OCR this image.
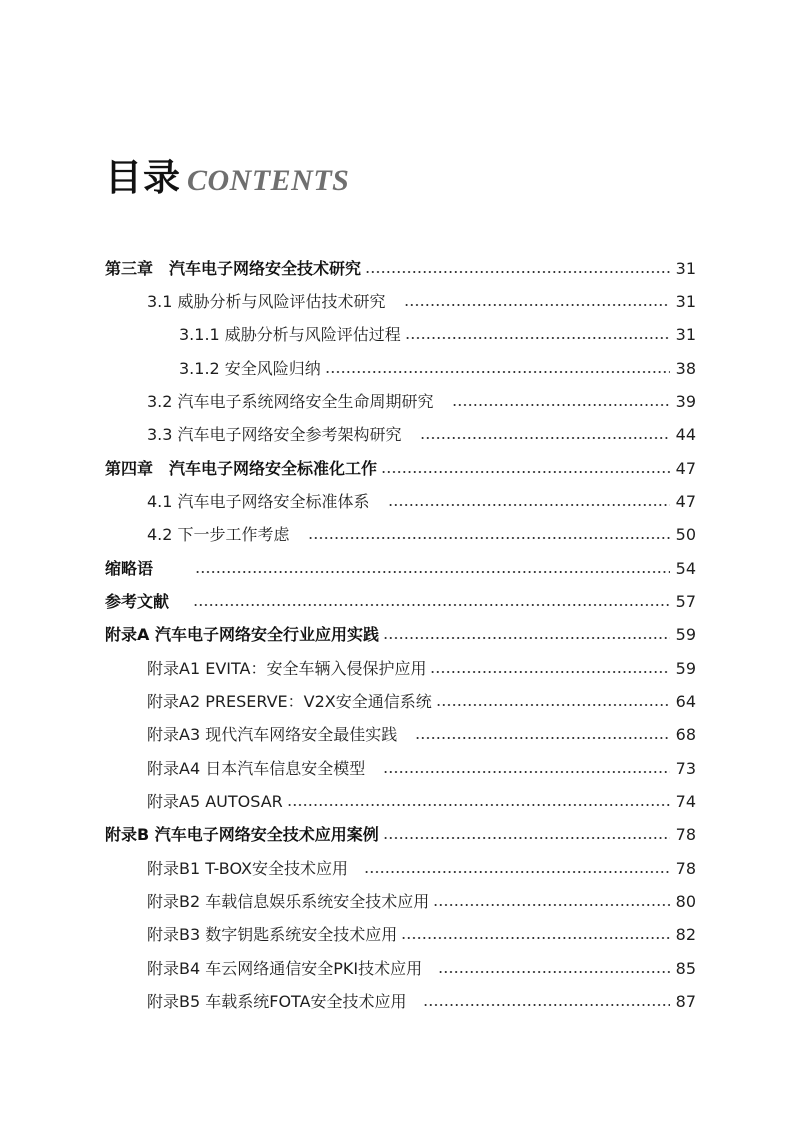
目录 CONTENTS
第三章　汽车电子网络安全技术研究	31
3.1 威胁分析与风险评估技术研究	31
3.1.1 威胁分析与风险评估过程	31
3.1.2 安全风险归纳	38
3.2 汽车电子系统网络安全生命周期研究	39
3.3 汽车电子网络安全参考架构研究	44
第四章　汽车电子网络安全标准化工作	47
4.1 汽车电子网络安全标准体系	47
4.2 下一步工作考虑	50
缩略语	54
参考文献	57
附录A 汽车电子网络安全行业应用实践	59
附录A1 EVITA：安全车辆入侵保护应用	59
附录A2 PRESERVE：V2X安全通信系统	64
附录A3 现代汽车网络安全最佳实践	68
附录A4 日本汽车信息安全模型	73
附录A5 AUTOSAR	74
附录B 汽车电子网络安全技术应用案例	78
附录B1 T-BOX安全技术应用	78
附录B2 车载信息娱乐系统安全技术应用	80
附录B3 数字钥匙系统安全技术应用	82
附录B4 车云网络通信安全PKI技术应用	85
附录B5 车载系统FOTA安全技术应用	87
